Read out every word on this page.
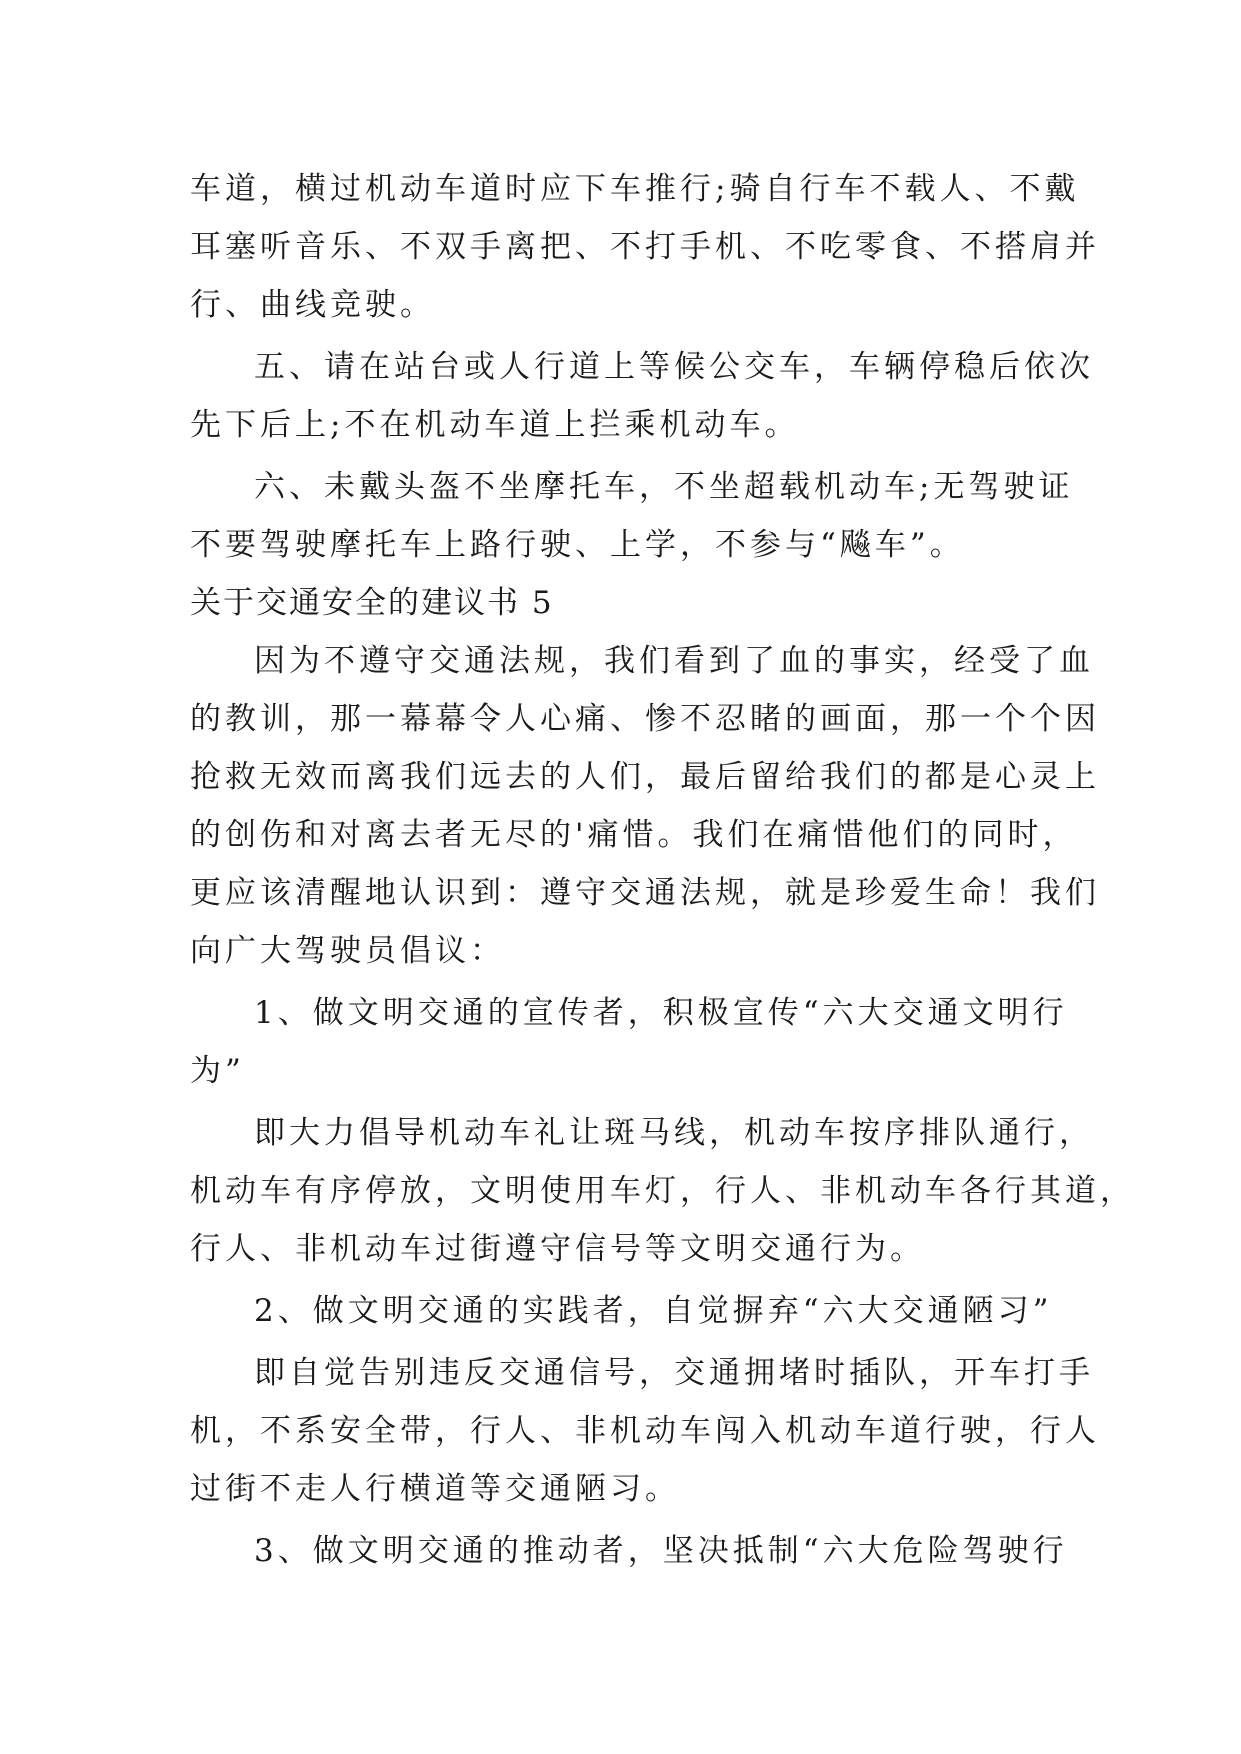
车道，横过机动车道时应下车推行;骑自行车不载人、不戴
耳塞听音乐、不双手离把、不打手机、不吃零食、不搭肩并
行、曲线竞驶。
五、请在站台或人行道上等候公交车，车辆停稳后依次
先下后上;不在机动车道上拦乘机动车。
六、未戴头盔不坐摩托车，不坐超载机动车;无驾驶证
不要驾驶摩托车上路行驶、上学，不参与“飚车”。
关于交通安全的建议书 5
因为不遵守交通法规，我们看到了血的事实，经受了血
的教训，那一幕幕令人心痛、惨不忍睹的画面，那一个个因
抢救无效而离我们远去的人们，最后留给我们的都是心灵上
的创伤和对离去者无尽的'痛惜。我们在痛惜他们的同时，
更应该清醒地认识到：遵守交通法规，就是珍爱生命！我们
向广大驾驶员倡议：
1、做文明交通的宣传者，积极宣传“六大交通文明行
为”
即大力倡导机动车礼让斑马线，机动车按序排队通行，
机动车有序停放，文明使用车灯，行人、非机动车各行其道，
行人、非机动车过街遵守信号等文明交通行为。
2、做文明交通的实践者，自觉摒弃“六大交通陋习”
即自觉告别违反交通信号，交通拥堵时插队，开车打手
机，不系安全带，行人、非机动车闯入机动车道行驶，行人
过街不走人行横道等交通陋习。
3、做文明交通的推动者，坚决抵制“六大危险驾驶行
